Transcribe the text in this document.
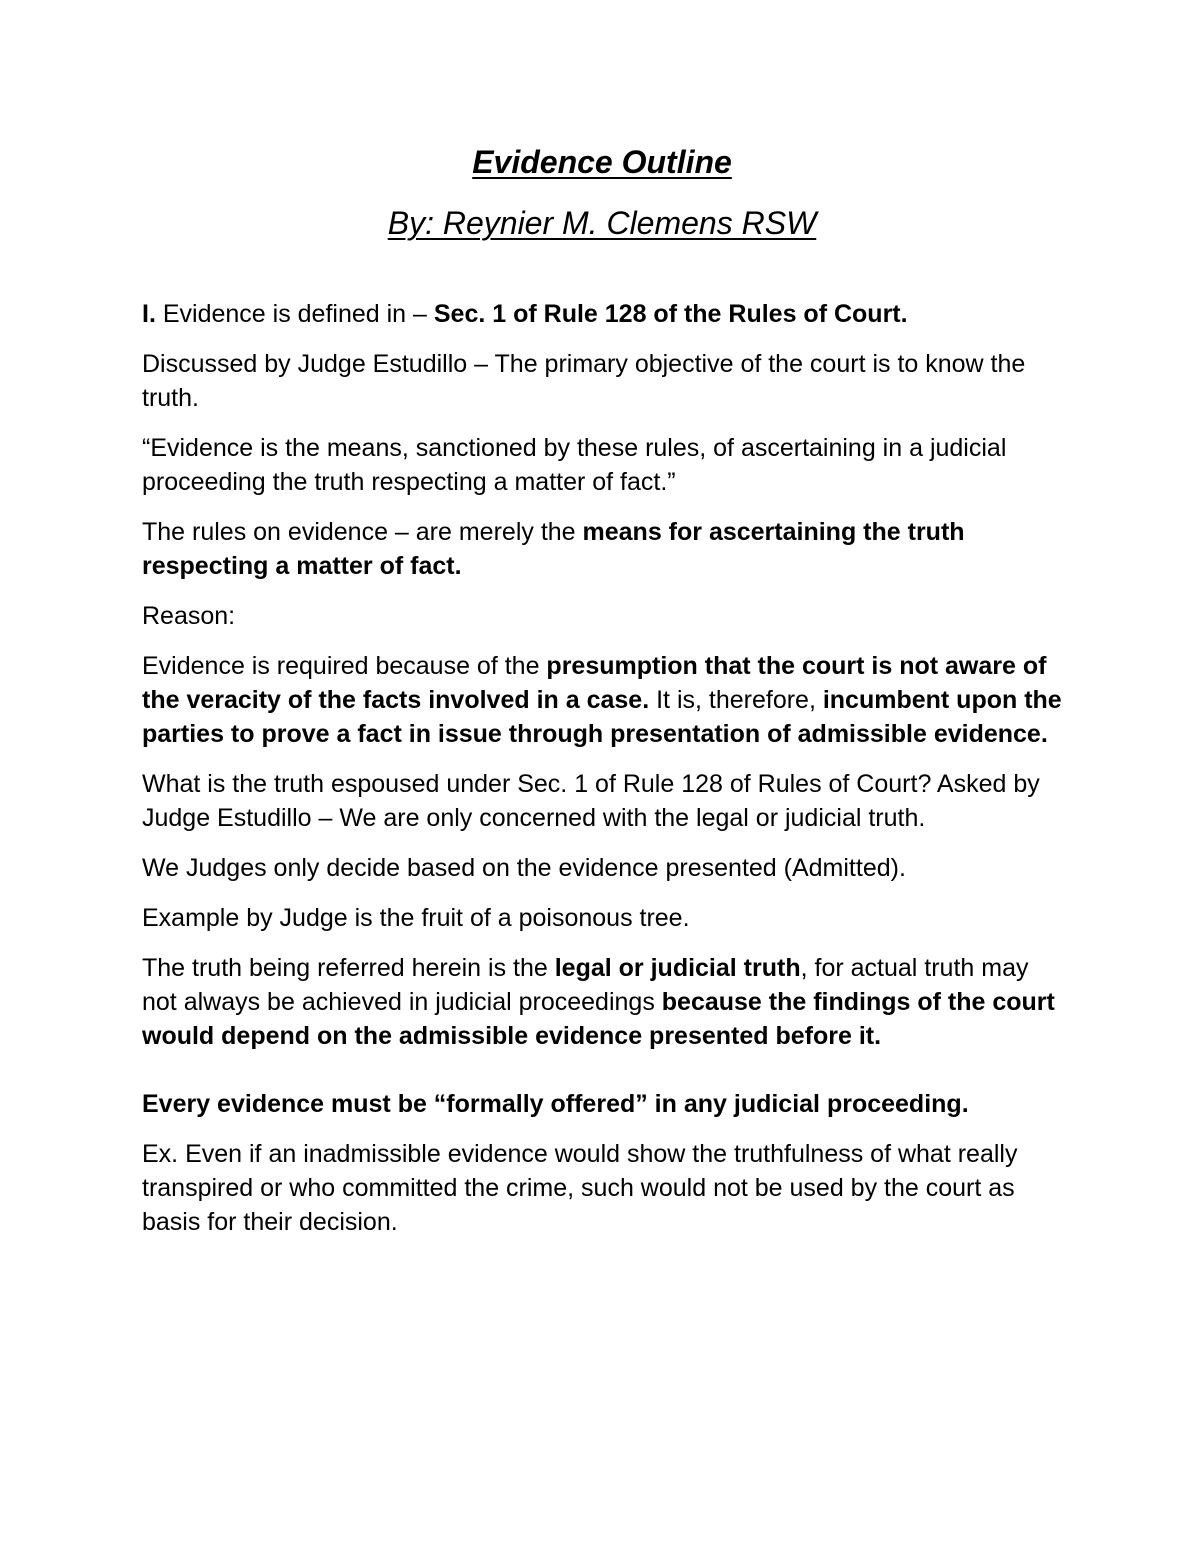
Evidence Outline
By: Reynier M. Clemens RSW

I. Evidence is defined in – Sec. 1 of Rule 128 of the Rules of Court.

Discussed by Judge Estudillo – The primary objective of the court is to know the truth.

“Evidence is the means, sanctioned by these rules, of ascertaining in a judicial proceeding the truth respecting a matter of fact.”

The rules on evidence – are merely the means for ascertaining the truth respecting a matter of fact.

Reason:

Evidence is required because of the presumption that the court is not aware of the veracity of the facts involved in a case. It is, therefore, incumbent upon the parties to prove a fact in issue through presentation of admissible evidence.

What is the truth espoused under Sec. 1 of Rule 128 of Rules of Court? Asked by Judge Estudillo – We are only concerned with the legal or judicial truth.

We Judges only decide based on the evidence presented (Admitted).

Example by Judge is the fruit of a poisonous tree.

The truth being referred herein is the legal or judicial truth, for actual truth may not always be achieved in judicial proceedings because the findings of the court would depend on the admissible evidence presented before it.

Every evidence must be “formally offered” in any judicial proceeding.

Ex. Even if an inadmissible evidence would show the truthfulness of what really transpired or who committed the crime, such would not be used by the court as basis for their decision.
